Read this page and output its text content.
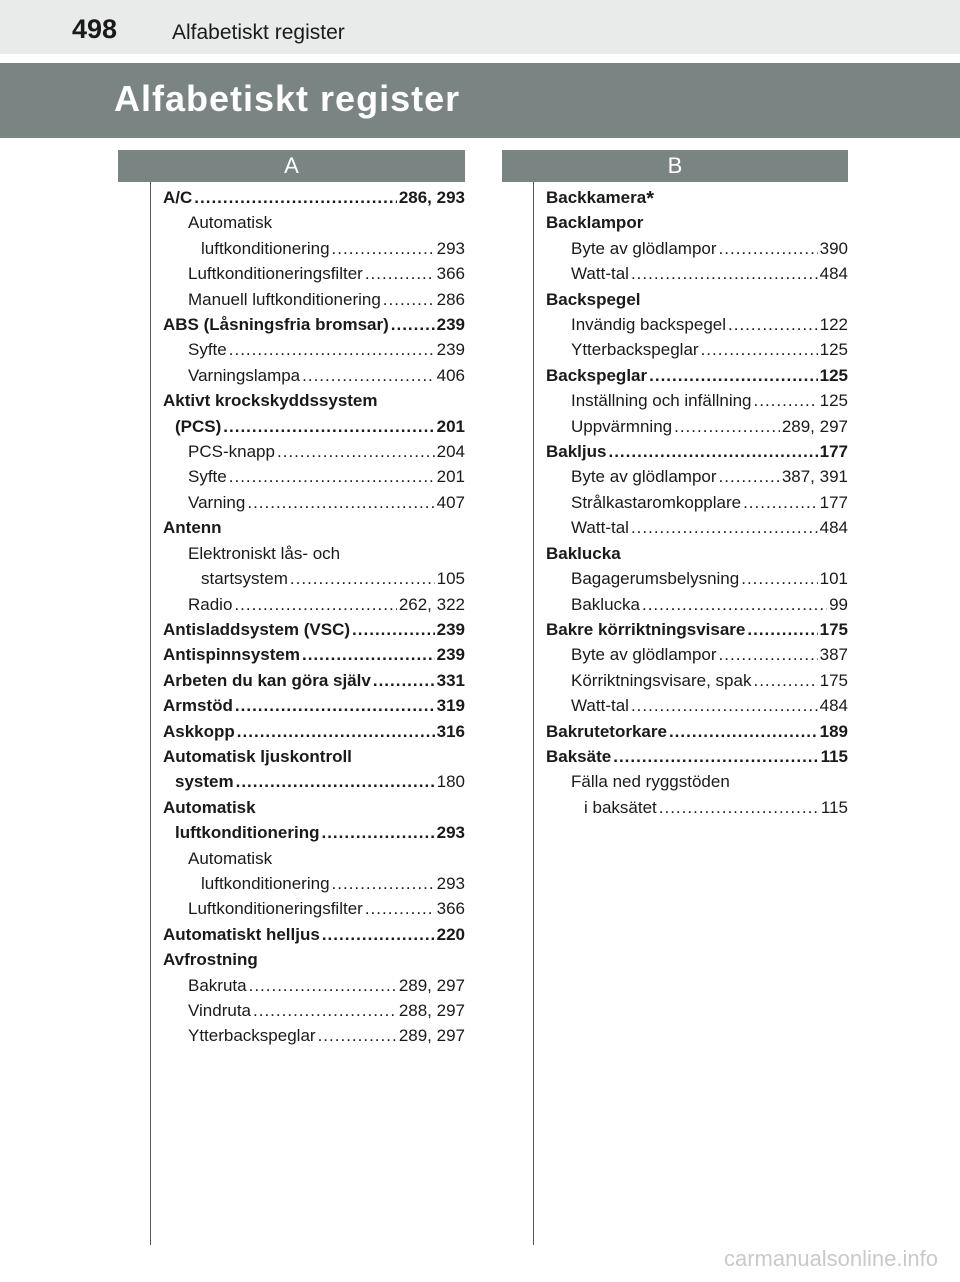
498	Alfabetiskt register
Alfabetiskt register
A	B
A/C .....	286, 293
Automatisk
luftkonditionering .....	293
Luftkonditioneringsfilter .....	366
Manuell luftkonditionering .....	286
ABS (Låsningsfria bromsar) .....	239
Syfte .....	239
Varningslampa .....	406
Aktivt krockskyddssystem
(PCS) .....	201
PCS-knapp .....	204
Syfte .....	201
Varning .....	407
Antenn
Elektroniskt lås- och
startsystem .....	105
Radio .....	262, 322
Antisladdsystem (VSC) .....	239
Antispinnsystem .....	239
Arbeten du kan göra själv .....	331
Armstöd .....	319
Askkopp .....	316
Automatisk ljuskontroll
system .....	180
Automatisk
luftkonditionering .....	293
Automatisk
luftkonditionering .....	293
Luftkonditioneringsfilter .....	366
Automatiskt helljus .....	220
Avfrostning
Bakruta .....	289, 297
Vindruta .....	288, 297
Ytterbackspeglar .....	289, 297
Backkamera*
Backlampor
Byte av glödlampor .....	390
Watt-tal .....	484
Backspegel
Invändig backspegel .....	122
Ytterbackspeglar .....	125
Backspeglar .....	125
Inställning och infällning .....	125
Uppvärmning .....	289, 297
Bakljus .....	177
Byte av glödlampor .....	387, 391
Strålkastaromkopplare .....	177
Watt-tal .....	484
Baklucka
Bagagerumsbelysning .....	101
Baklucka .....	99
Bakre körriktningsvisare .....	175
Byte av glödlampor .....	387
Körriktningsvisare, spak .....	175
Watt-tal .....	484
Bakrutetorkare .....	189
Baksäte .....	115
Fälla ned ryggstöden
i baksätet .....	115
carmanualsonline.info
